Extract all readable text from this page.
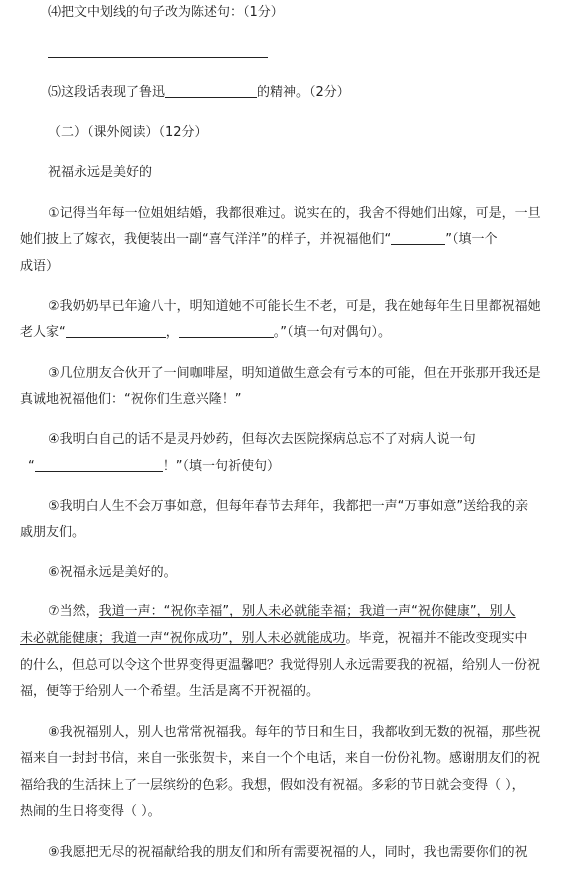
⑷把文中划线的句子改为陈述句：（1分）
⑸这段话表现了鲁迅	的精神。（2分）
（二）（课外阅读）（12分）
祝福永远是美好的
①记得当年每一位姐姐结婚，我都很难过。说实在的，我舍不得她们出嫁，可是，一旦
她们披上了嫁衣，我便装出一副“喜气洋洋”的样子，并祝福他们“	”（填一个
成语）
②我奶奶早已年逾八十，明知道她不可能长生不老，可是，我在她每年生日里都祝福她
老人家“	，	。”（填一句对偶句）。
③几位朋友合伙开了一间咖啡屋，明知道做生意会有亏本的可能，但在开张那开我还是
真诚地祝福他们：“祝你们生意兴隆！”
④我明白自己的话不是灵丹妙药，但每次去医院探病总忘不了对病人说一句
“	！”（填一句祈使句）
⑤我明白人生不会万事如意，但每年春节去拜年，我都把一声“万事如意”送给我的亲
戚朋友们。
⑥祝福永远是美好的。
⑦当然，我道一声：“祝你幸福”，别人未必就能幸福；我道一声“祝你健康”，别人
未必就能健康；我道一声“祝你成功”，别人未必就能成功。毕竟，祝福并不能改变现实中
的什么，但总可以令这个世界变得更温馨吧？我觉得别人永远需要我的祝福，给别人一份祝
福，便等于给别人一个希望。生活是离不开祝福的。
⑧我祝福别人，别人也常常祝福我。每年的节日和生日，我都收到无数的祝福，那些祝
福来自一封封书信，来自一张张贺卡，来自一个个电话，来自一份份礼物。感谢朋友们的祝
福给我的生活抹上了一层缤纷的色彩。我想，假如没有祝福。多彩的节日就会变得（ ），
热闹的生日将变得（ ）。
⑨我愿把无尽的祝福献给我的朋友们和所有需要祝福的人，同时，我也需要你们的祝
